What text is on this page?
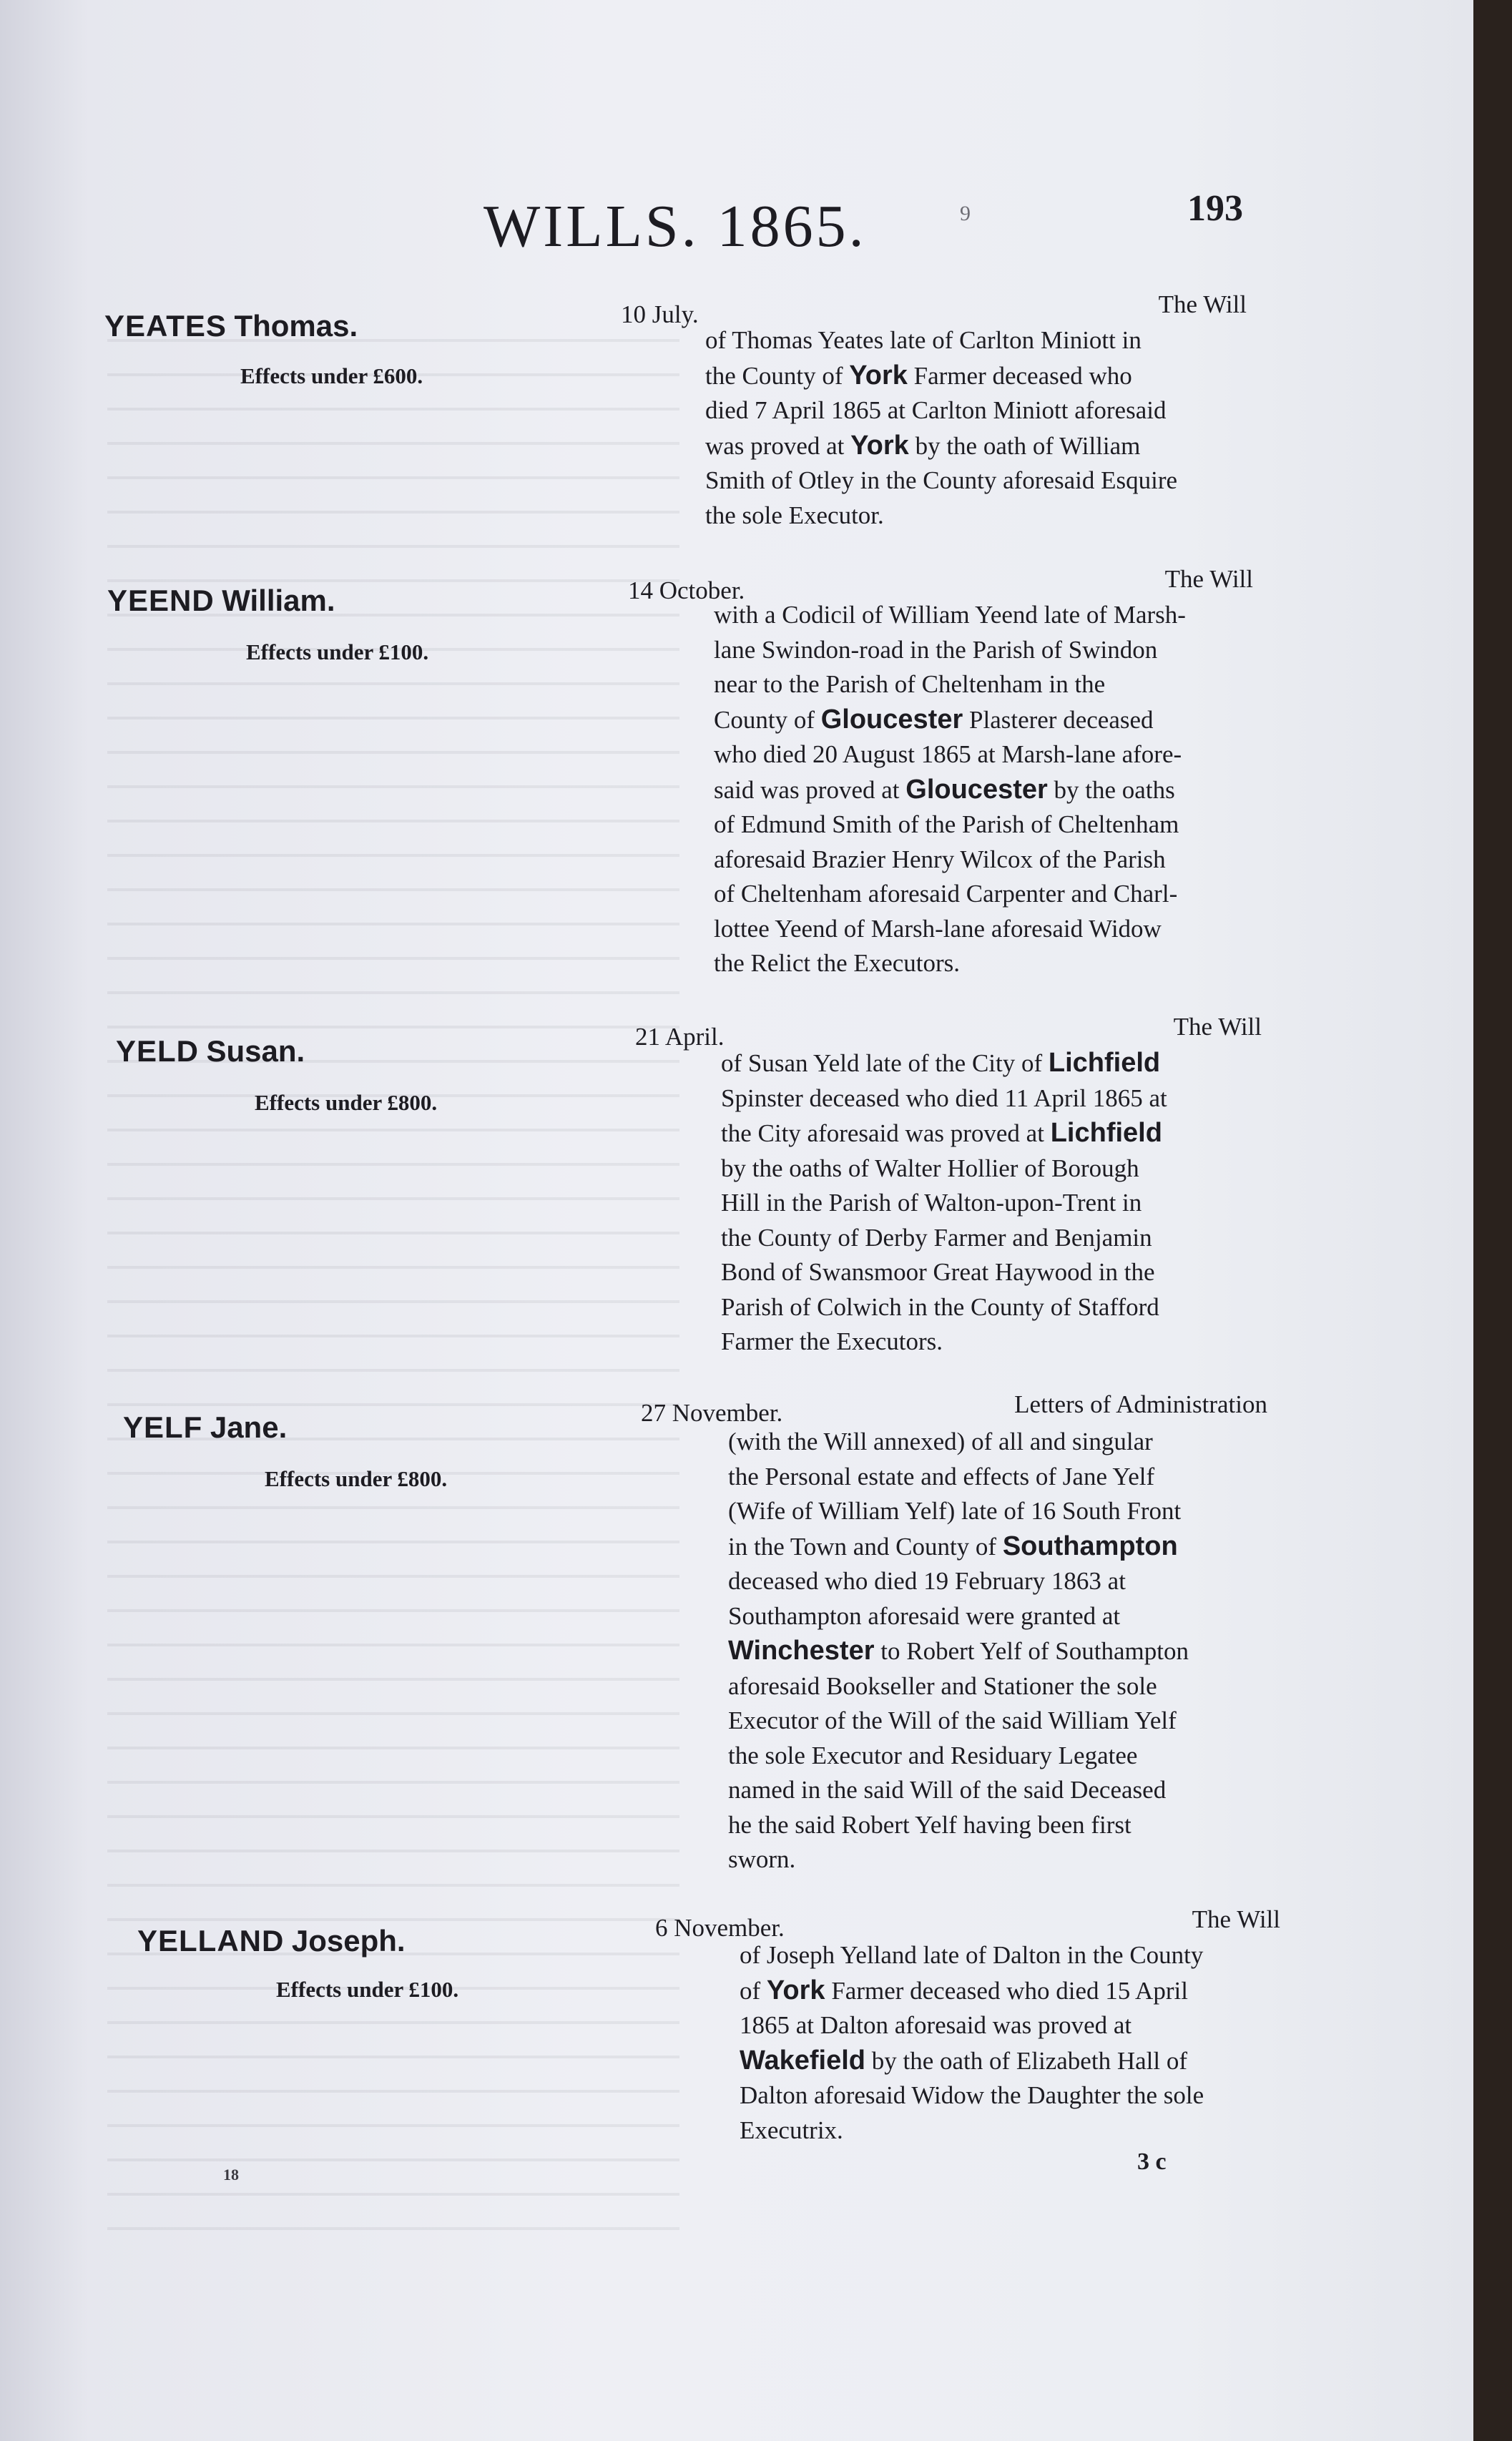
WILLS. 1865.	9	193
YEATES Thomas.
Effects under £600.
10 July.	The Will
of Thomas Yeates late of Carlton Miniott in
the County of York Farmer deceased who
died 7 April 1865 at Carlton Miniott aforesaid
was proved at York by the oath of William
Smith of Otley in the County aforesaid Esquire
the sole Executor.
YEEND William.
Effects under £100.
14 October.	The Will
with a Codicil of William Yeend late of Marsh-
lane Swindon-road in the Parish of Swindon
near to the Parish of Cheltenham in the
County of Gloucester Plasterer deceased
who died 20 August 1865 at Marsh-lane afore-
said was proved at Gloucester by the oaths
of Edmund Smith of the Parish of Cheltenham
aforesaid Brazier Henry Wilcox of the Parish
of Cheltenham aforesaid Carpenter and Charl-
lottee Yeend of Marsh-lane aforesaid Widow
the Relict the Executors.
YELD Susan.
Effects under £800.
21 April.	The Will
of Susan Yeld late of the City of Lichfield
Spinster deceased who died 11 April 1865 at
the City aforesaid was proved at Lichfield
by the oaths of Walter Hollier of Borough
Hill in the Parish of Walton-upon-Trent in
the County of Derby Farmer and Benjamin
Bond of Swansmoor Great Haywood in the
Parish of Colwich in the County of Stafford
Farmer the Executors.
YELF Jane.
Effects under £800.
27 November.	Letters of Administration
(with the Will annexed) of all and singular
the Personal estate and effects of Jane Yelf
(Wife of William Yelf) late of 16 South Front
in the Town and County of Southampton
deceased who died 19 February 1863 at
Southampton aforesaid were granted at
Winchester to Robert Yelf of Southampton
aforesaid Bookseller and Stationer the sole
Executor of the Will of the said William Yelf
the sole Executor and Residuary Legatee
named in the said Will of the said Deceased
he the said Robert Yelf having been first
sworn.
YELLAND Joseph.
Effects under £100.
6 November.	The Will
of Joseph Yelland late of Dalton in the County
of York Farmer deceased who died 15 April
1865 at Dalton aforesaid was proved at
Wakefield by the oath of Elizabeth Hall of
Dalton aforesaid Widow the Daughter the sole
Executrix.
18	3 c
